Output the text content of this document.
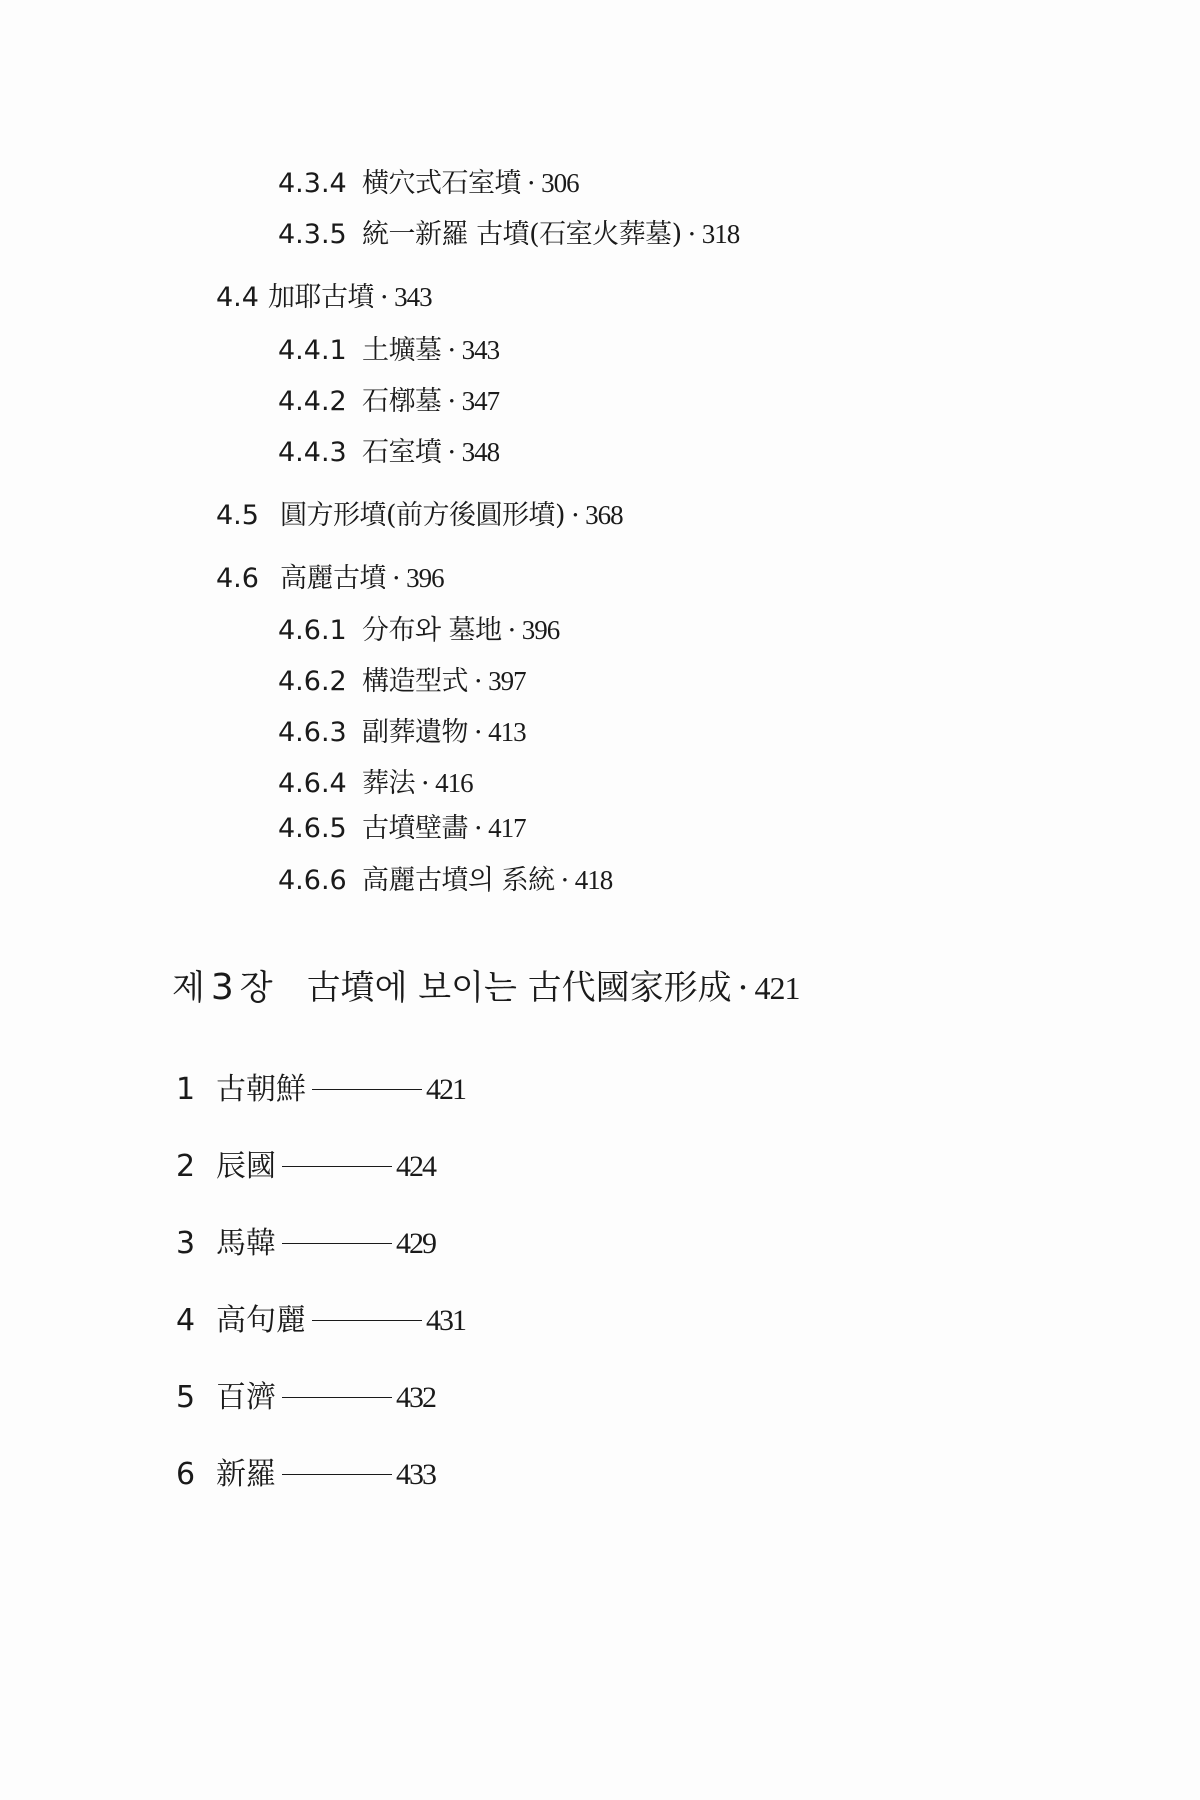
4.3.4 横穴式石室墳 · 306
4.3.5 統一新羅 古墳(石室火葬墓) · 318
4.4 加耶古墳 · 343
4.4.1 土壙墓 · 343
4.4.2 石槨墓 · 347
4.4.3 石室墳 · 348
4.5 圓方形墳(前方後圓形墳) · 368
4.6 高麗古墳 · 396
4.6.1 分布와 墓地 · 396
4.6.2 構造型式 · 397
4.6.3 副葬遺物 · 413
4.6.4 葬法 · 416
4.6.5 古墳壁畵 · 417
4.6.6 高麗古墳의 系統 · 418
제 3 장 古墳에 보이는 古代國家形成 · 421
1 古朝鮮	421
2 辰國	424
3 馬韓	429
4 高句麗	431
5 百濟	432
6 新羅	433
